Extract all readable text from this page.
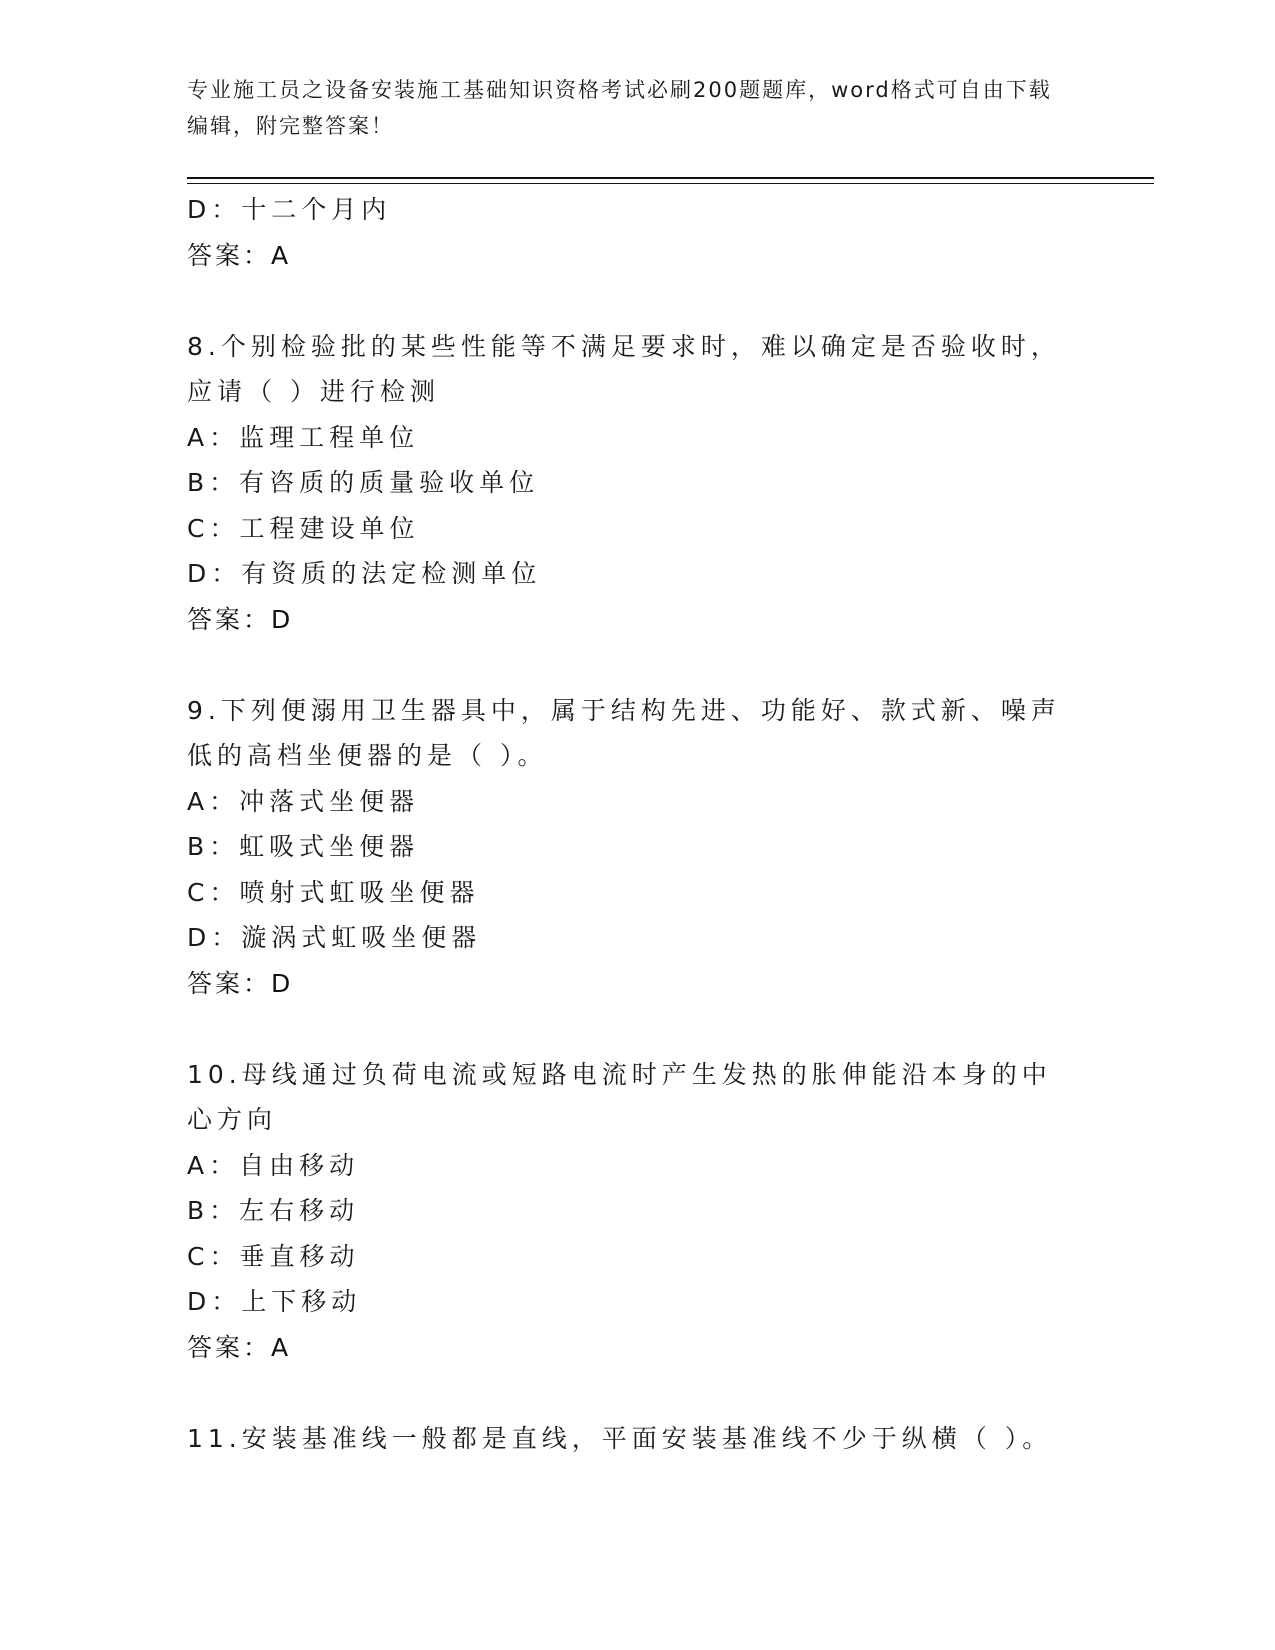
专业施工员之设备安装施工基础知识资格考试必刷200题题库，word格式可自由下载编辑，附完整答案！
D：十二个月内
答案：A
8.个别检验批的某些性能等不满足要求时，难以确定是否验收时，应请（ ）进行检测
A：监理工程单位
B：有咨质的质量验收单位
C：工程建设单位
D：有资质的法定检测单位
答案：D
9.下列便溺用卫生器具中，属于结构先进、功能好、款式新、噪声低的高档坐便器的是（ ）。
A：冲落式坐便器
B：虹吸式坐便器
C：喷射式虹吸坐便器
D：漩涡式虹吸坐便器
答案：D
10.母线通过负荷电流或短路电流时产生发热的胀伸能沿本身的中心方向
A：自由移动
B：左右移动
C：垂直移动
D：上下移动
答案：A
11.安装基准线一般都是直线，平面安装基准线不少于纵横（ ）。
